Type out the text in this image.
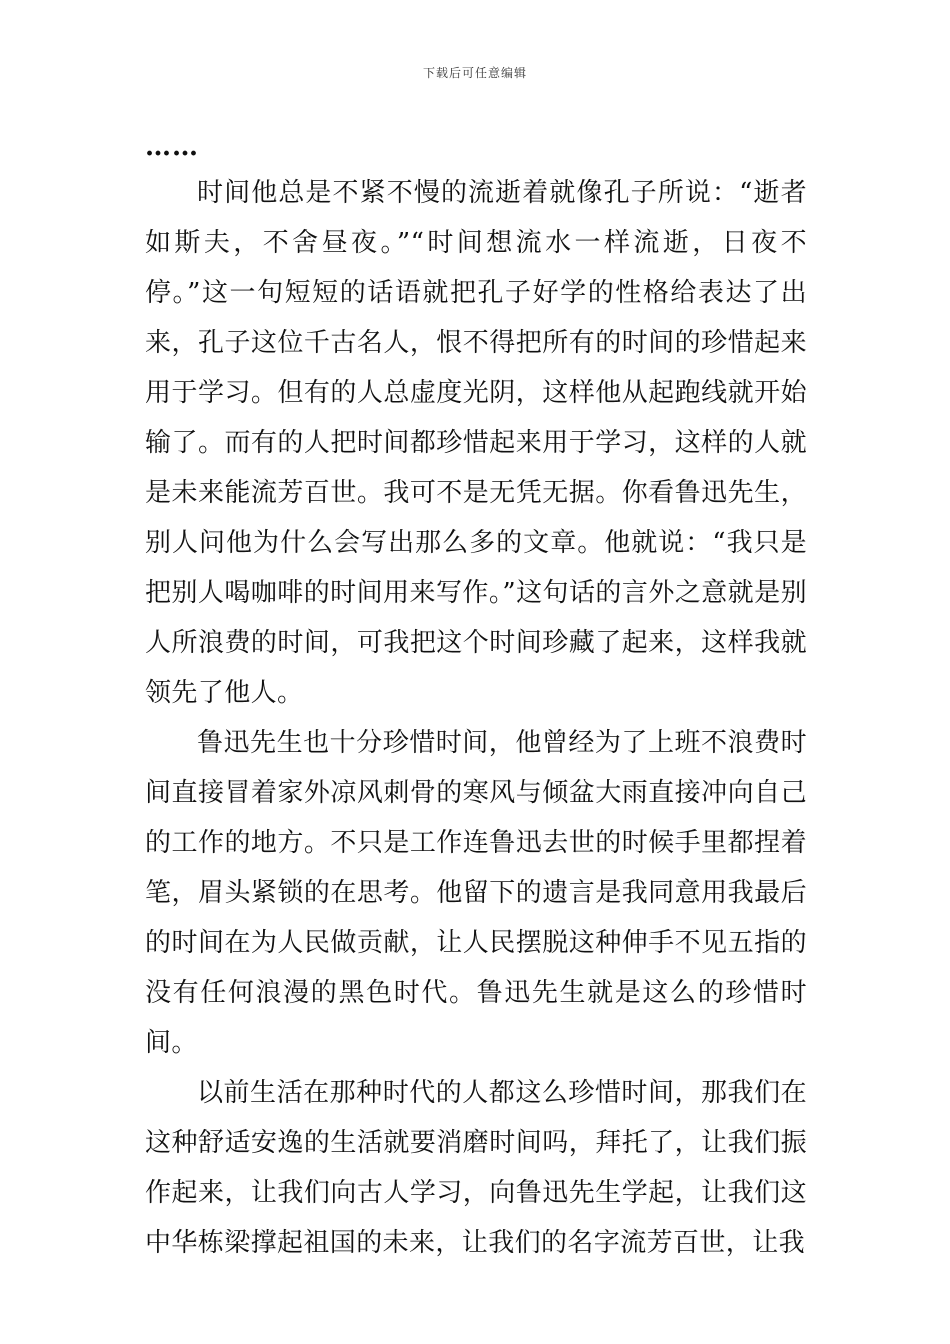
下载后可任意编辑

……

时间他总是不紧不慢的流逝着就像孔子所说：“逝者如斯夫，不舍昼夜。”“时间想流水一样流逝，日夜不停。”这一句短短的话语就把孔子好学的性格给表达了出来，孔子这位千古名人，恨不得把所有的时间的珍惜起来用于学习。但有的人总虚度光阴，这样他从起跑线就开始输了。而有的人把时间都珍惜起来用于学习，这样的人就是未来能流芳百世。我可不是无凭无据。你看鲁迅先生，别人问他为什么会写出那么多的文章。他就说：“我只是把别人喝咖啡的时间用来写作。”这句话的言外之意就是别人所浪费的时间，可我把这个时间珍藏了起来，这样我就领先了他人。

鲁迅先生也十分珍惜时间，他曾经为了上班不浪费时间直接冒着家外凉风刺骨的寒风与倾盆大雨直接冲向自己的工作的地方。不只是工作连鲁迅去世的时候手里都捏着笔，眉头紧锁的在思考。他留下的遗言是我同意用我最后的时间在为人民做贡献，让人民摆脱这种伸手不见五指的没有任何浪漫的黑色时代。鲁迅先生就是这么的珍惜时间。

以前生活在那种时代的人都这么珍惜时间，那我们在这种舒适安逸的生活就要消磨时间吗，拜托了，让我们振作起来，让我们向古人学习，向鲁迅先生学起，让我们这中华栋梁撑起祖国的未来，让我们的名字流芳百世，让我
